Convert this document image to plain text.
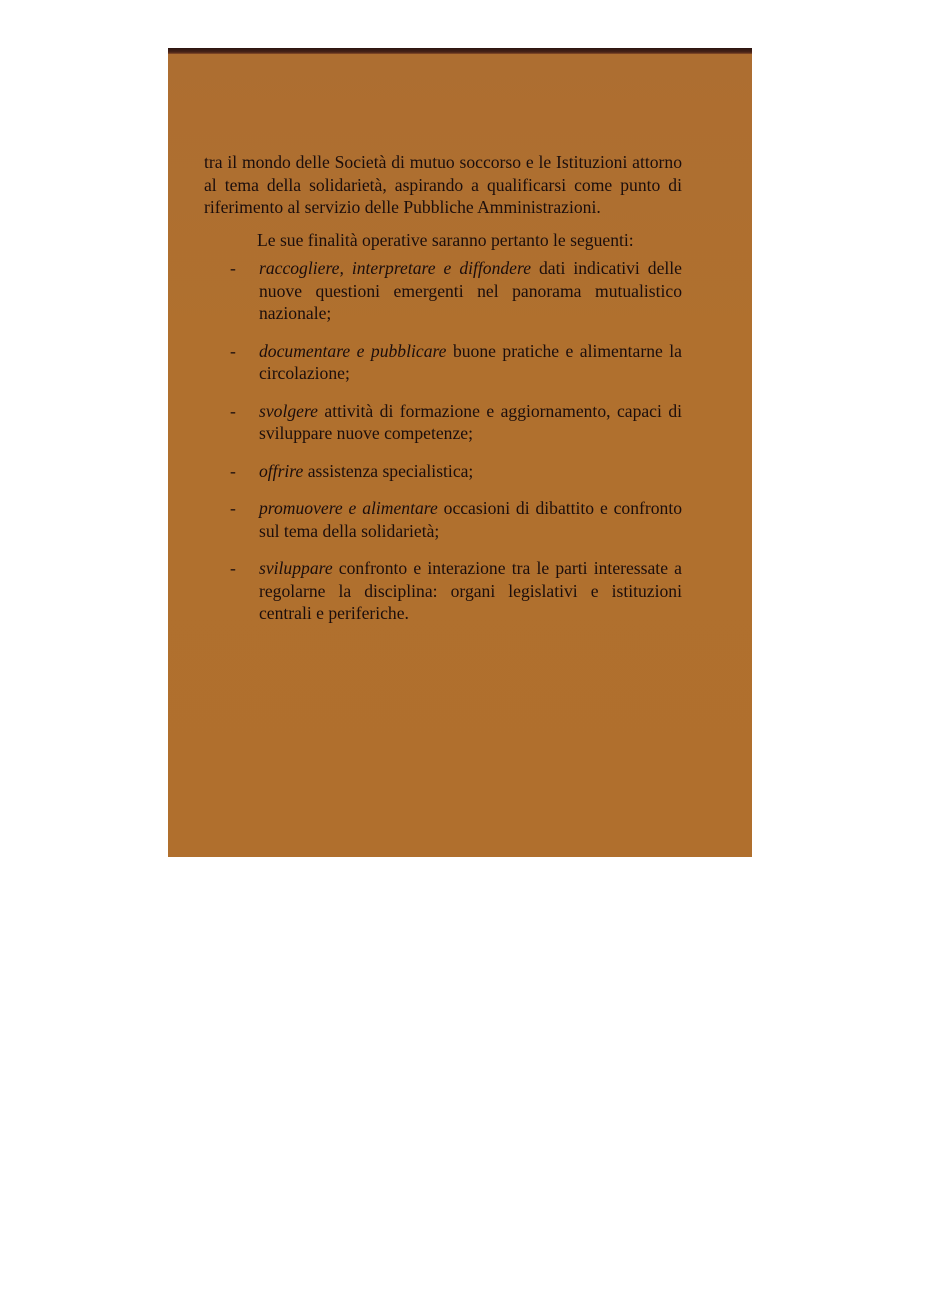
tra il mondo delle Società di mutuo soccorso e le Istituzioni attorno al tema della solidarietà, aspirando a qualificarsi come punto di riferimento al servizio delle Pubbliche Amministrazioni.

Le sue finalità operative saranno pertanto le seguenti:

- raccogliere, interpretare e diffondere dati indicativi delle nuove questioni emergenti nel panorama mutualistico nazionale;

- documentare e pubblicare buone pratiche e alimentarne la circolazione;

- svolgere attività di formazione e aggiornamento, capaci di sviluppare nuove competenze;

- offrire assistenza specialistica;

- promuovere e alimentare occasioni di dibattito e confronto sul tema della solidarietà;

- sviluppare confronto e interazione tra le parti interessate a regolarne la disciplina: organi legislativi e istituzioni centrali e periferiche.
